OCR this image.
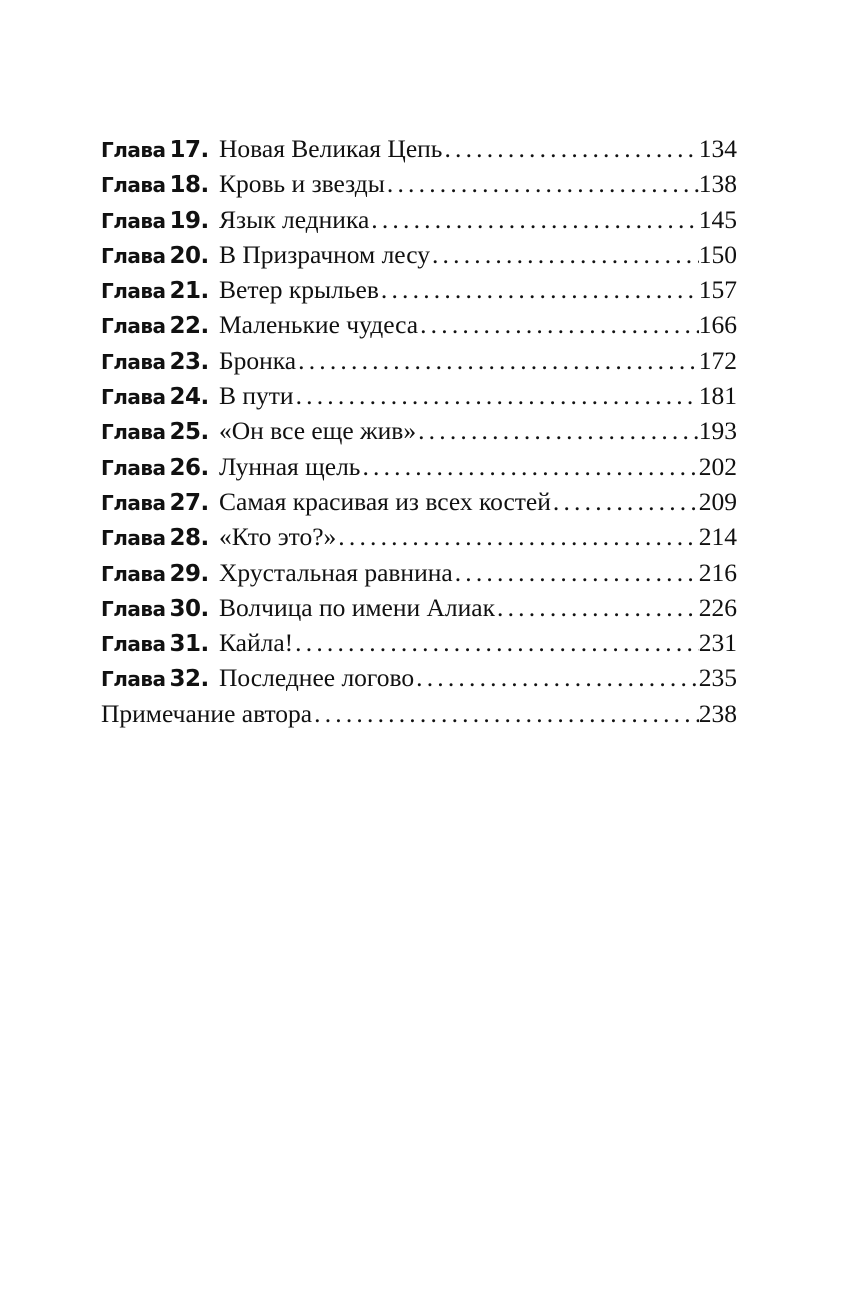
Глава 17. Новая Великая Цепь .....	134
Глава 18. Кровь и звезды .....	138
Глава 19. Язык ледника .....	145
Глава 20. В Призрачном лесу .....	150
Глава 21. Ветер крыльев .....	157
Глава 22. Маленькие чудеса .....	166
Глава 23. Бронка .....	172
Глава 24. В пути .....	181
Глава 25. «Он все еще жив» .....	193
Глава 26. Лунная щель .....	202
Глава 27. Самая красивая из всех костей .....	209
Глава 28. «Кто это?» .....	214
Глава 29. Хрустальная равнина .....	216
Глава 30. Волчица по имени Алиак .....	226
Глава 31. Кайла! .....	231
Глава 32. Последнее логово .....	235
Примечание автора .....	238
